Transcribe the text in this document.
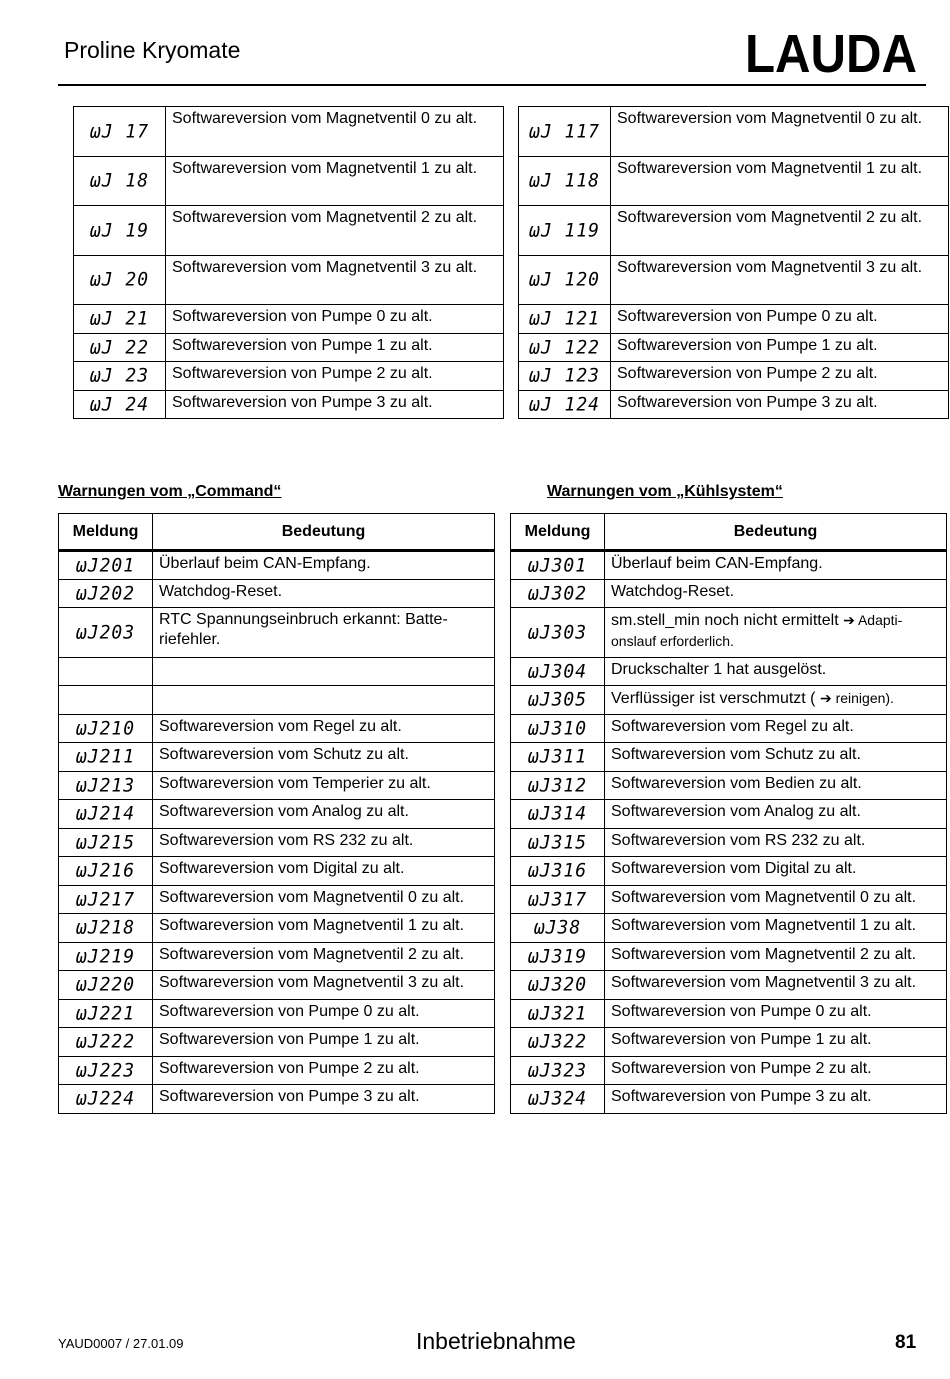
Proline Kryomate	LAUDA
ωJ 17	Softwareversion vom Magnetventil 0 zu alt.
ωJ 18	Softwareversion vom Magnetventil 1 zu alt.
ωJ 19	Softwareversion vom Magnetventil 2 zu alt.
ωJ 20	Softwareversion vom Magnetventil 3 zu alt.
ωJ 21	Softwareversion von Pumpe 0 zu alt.
ωJ 22	Softwareversion von Pumpe 1 zu alt.
ωJ 23	Softwareversion von Pumpe 2 zu alt.
ωJ 24	Softwareversion von Pumpe 3 zu alt.
ωJ 117	Softwareversion vom Magnetventil 0 zu alt.
ωJ 118	Softwareversion vom Magnetventil 1 zu alt.
ωJ 119	Softwareversion vom Magnetventil 2 zu alt.
ωJ 120	Softwareversion vom Magnetventil 3 zu alt.
ωJ 121	Softwareversion von Pumpe 0 zu alt.
ωJ 122	Softwareversion von Pumpe 1 zu alt.
ωJ 123	Softwareversion von Pumpe 2 zu alt.
ωJ 124	Softwareversion von Pumpe 3 zu alt.
Warnungen vom „Command“	Warnungen vom „Kühlsystem“
Meldung	Bedeutung
ωJ201	Überlauf beim CAN-Empfang.
ωJ202	Watchdog-Reset.
ωJ203	RTC Spannungseinbruch erkannt: Batte-riefehler.

ωJ210	Softwareversion vom Regel zu alt.
ωJ211	Softwareversion vom Schutz zu alt.
ωJ213	Softwareversion vom Temperier zu alt.
ωJ214	Softwareversion vom Analog zu alt.
ωJ215	Softwareversion vom RS 232 zu alt.
ωJ216	Softwareversion vom Digital zu alt.
ωJ217	Softwareversion vom Magnetventil 0 zu alt.
ωJ218	Softwareversion vom Magnetventil 1 zu alt.
ωJ219	Softwareversion vom Magnetventil 2 zu alt.
ωJ220	Softwareversion vom Magnetventil 3 zu alt.
ωJ221	Softwareversion von Pumpe 0 zu alt.
ωJ222	Softwareversion von Pumpe 1 zu alt.
ωJ223	Softwareversion von Pumpe 2 zu alt.
ωJ224	Softwareversion von Pumpe 3 zu alt.
Meldung	Bedeutung
ωJ301	Überlauf beim CAN-Empfang.
ωJ302	Watchdog-Reset.
ωJ303	sm.stell_min noch nicht ermittelt ➔ Adapti-onslauf erforderlich.
ωJ304	Druckschalter 1 hat ausgelöst.
ωJ305	Verflüssiger ist verschmutzt ( ➔ reinigen).
ωJ310	Softwareversion vom Regel zu alt.
ωJ311	Softwareversion vom Schutz zu alt.
ωJ312	Softwareversion vom Bedien zu alt.
ωJ314	Softwareversion vom Analog zu alt.
ωJ315	Softwareversion vom RS 232 zu alt.
ωJ316	Softwareversion vom Digital zu alt.
ωJ317	Softwareversion vom Magnetventil 0 zu alt.
ωJ38	Softwareversion vom Magnetventil 1 zu alt.
ωJ319	Softwareversion vom Magnetventil 2 zu alt.
ωJ320	Softwareversion vom Magnetventil 3 zu alt.
ωJ321	Softwareversion von Pumpe 0 zu alt.
ωJ322	Softwareversion von Pumpe 1 zu alt.
ωJ323	Softwareversion von Pumpe 2 zu alt.
ωJ324	Softwareversion von Pumpe 3 zu alt.
YAUD0007 / 27.01.09	Inbetriebnahme	81
